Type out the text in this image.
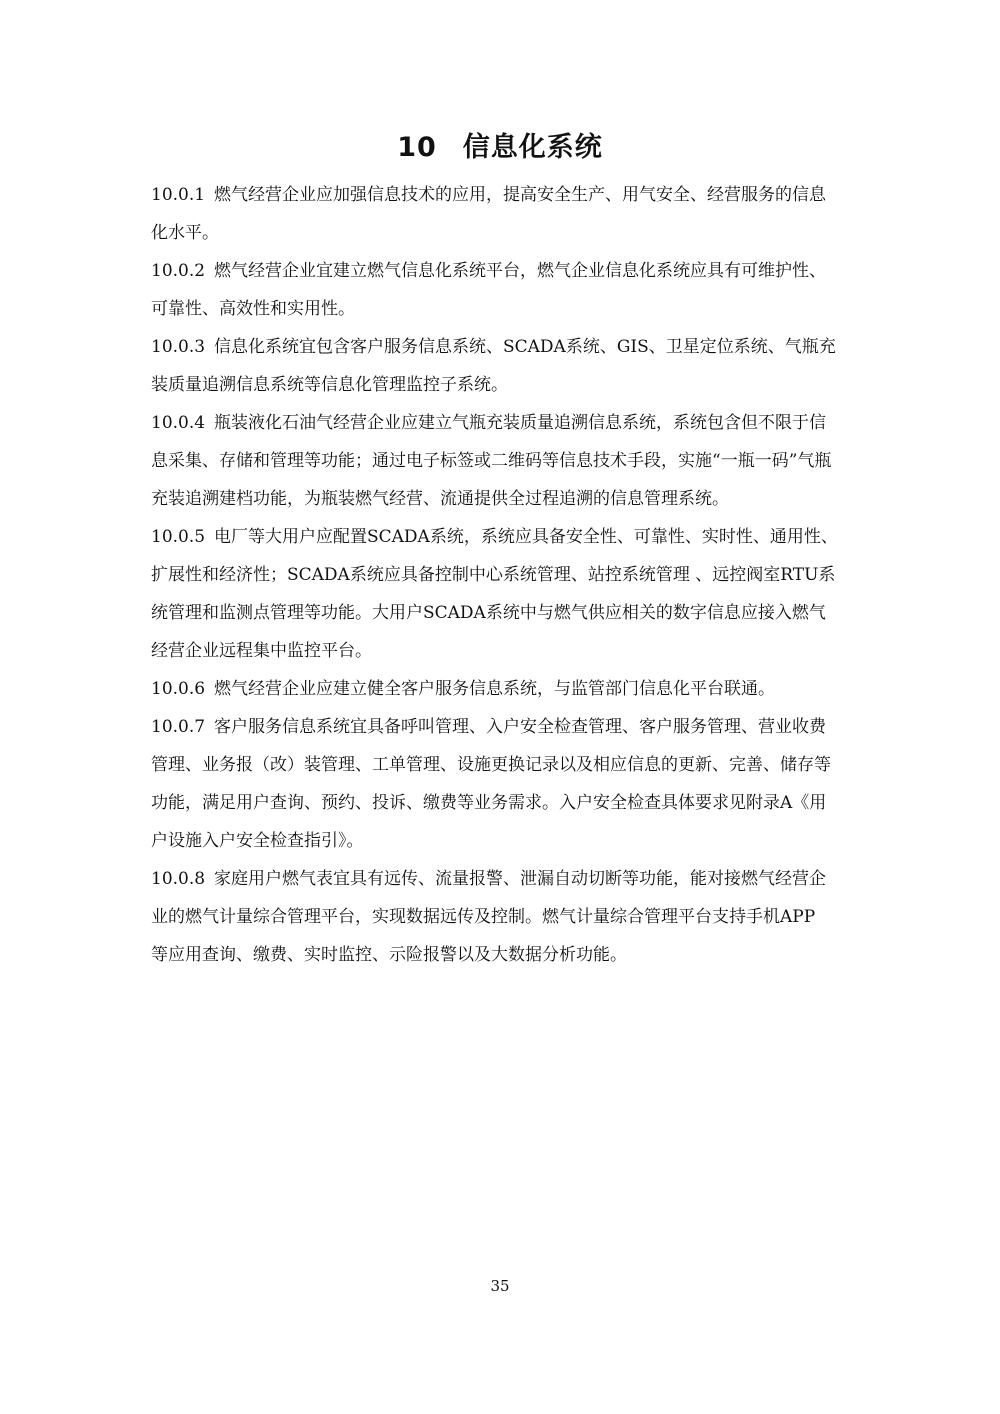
10 信息化系统

10.0.1 燃气经营企业应加强信息技术的应用，提高安全生产、用气安全、经营服务的信息

化水平。

10.0.2 燃气经营企业宜建立燃气信息化系统平台，燃气企业信息化系统应具有可维护性、

可靠性、高效性和实用性。

10.0.3 信息化系统宜包含客户服务信息系统、SCADA系统、GIS、卫星定位系统、气瓶充

装质量追溯信息系统等信息化管理监控子系统。

10.0.4 瓶装液化石油气经营企业应建立气瓶充装质量追溯信息系统，系统包含但不限于信

息采集、存储和管理等功能；通过电子标签或二维码等信息技术手段，实施“一瓶一码”气瓶

充装追溯建档功能，为瓶装燃气经营、流通提供全过程追溯的信息管理系统。

10.0.5 电厂等大用户应配置SCADA系统，系统应具备安全性、可靠性、实时性、通用性、

扩展性和经济性；SCADA系统应具备控制中心系统管理、站控系统管理 、远控阀室RTU系

统管理和监测点管理等功能。大用户SCADA系统中与燃气供应相关的数字信息应接入燃气

经营企业远程集中监控平台。

10.0.6 燃气经营企业应建立健全客户服务信息系统，与监管部门信息化平台联通。

10.0.7 客户服务信息系统宜具备呼叫管理、入户安全检查管理、客户服务管理、营业收费

管理、业务报（改）装管理、工单管理、设施更换记录以及相应信息的更新、完善、储存等

功能，满足用户查询、预约、投诉、缴费等业务需求。入户安全检查具体要求见附录A《用

户设施入户安全检查指引》。

10.0.8 家庭用户燃气表宜具有远传、流量报警、泄漏自动切断等功能，能对接燃气经营企

业的燃气计量综合管理平台，实现数据远传及控制。燃气计量综合管理平台支持手机APP

等应用查询、缴费、实时监控、示险报警以及大数据分析功能。

35
